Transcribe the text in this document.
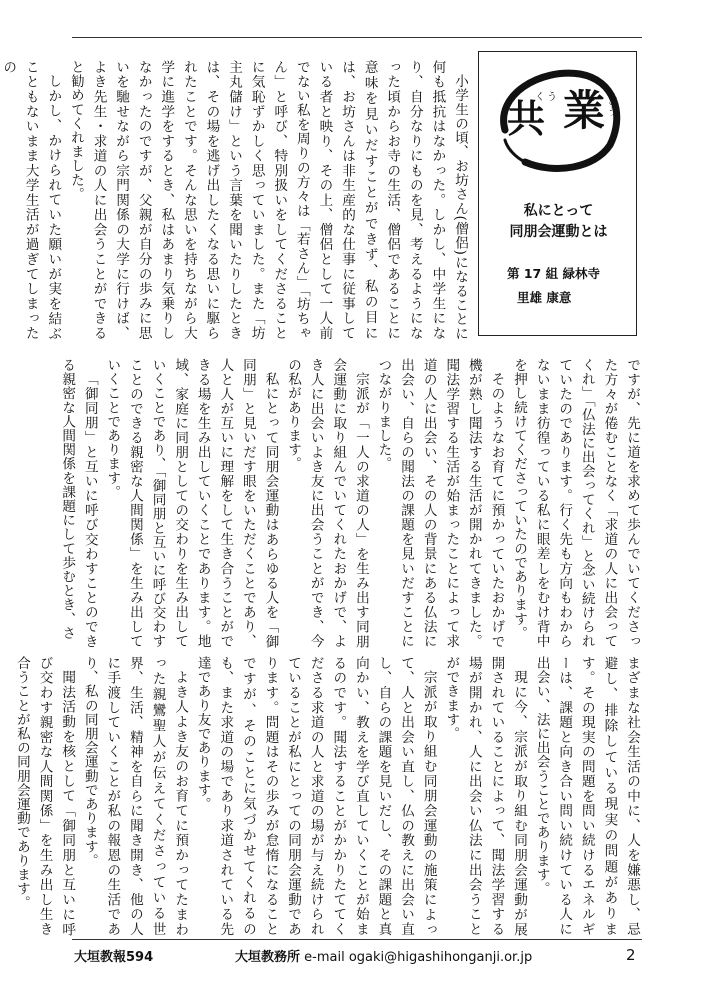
共
くう 業 ごう
私にとって
同朋会運動とは
第 17 組 緑林寺
里雄 康意

小学生の頃、お坊さん(僧侶)になることに何も抵抗はなかった。しかし、中学生になり、自分なりにものを見、考えるようになった頃からお寺の生活、僧侶であることに意味を見いだすことができず、私の目には、お坊さんは非生産的な仕事に従事している者と映り、その上、僧侶として一人前でない私を周りの方々は「若さん」「坊ちゃん」と呼び、特別扱いをしてくださることに気恥ずかしく思っていました。また「坊主丸儲け」という言葉を聞いたりしたときは、その場を逃げ出したくなる思いに駆られたことです。そんな思いを持ちながら大学に進学をするとき、私はあまり気乗りしなかったのですが、父親が自分の歩みに思いを馳せながら宗門関係の大学に行けば、よき先生・求道の人に出会うことができると勧めてくれました。

しかし、かけられていた願いが実を結ぶこともないまま大学生活が過ぎてしまったの

ですが、先に道を求めて歩んでいてくださった方々が倦むことなく「求道の人に出会ってくれ」「仏法に出会ってくれ」と念い続けられていたのであります。行く先も方向もわからないまま彷徨っている私に眼差しをむけ背中を押し続けてくださっていたのであります。

そのようなお育てに預かっていたおかげで機が熟し聞法する生活が開かれてきました。聞法学習する生活が始まったことによって求道の人に出会い、その人の背景にある仏法に出会い、自らの聞法の課題を見いだすことにつながりました。

宗派が「一人の求道の人」を生み出す同朋会運動に取り組んでいてくれたおかげで、よき人に出会いよき友に出会うことができ、今の私があります。

私にとって同朋会運動はあらゆる人を「御同朋」と見いだす眼をいただくことであり、人と人が互いに理解をして生き合うことができる場を生み出していくことであります。地域、家庭に同朋としての交わりを生み出していくことであり、「御同朋と互いに呼び交わすことのできる親密な人間関係」を生み出していくことであります。

「御同朋」と互いに呼び交わすことのできる親密な人間関係を課題にして歩むとき、さ

まざまな社会生活の中に、人を嫌悪し、忌避し、排除している現実の問題があります。その現実の問題を問い続けるエネルギーは、課題と向き合い問い続けている人に出会い、法に出会うことであります。

現に今、宗派が取り組む同朋会運動が展開されていることによって、聞法学習する場が開かれ、人に出会い仏法に出会うことができます。

宗派が取り組む同朋会運動の施策によって、人と出会い直し、仏の教えに出会い直し、自らの課題を見いだし、その課題と真向かい、教えを学び直していくことが始まるのです。聞法することがかかりたててくださる求道の人と求道の場が与え続けられていることが私にとっての同朋会運動であります。問題はその歩みが怠惰になることですが、そのことに気づかせてくれるのも、また求道の場であり求道されている先達であり友であります。

よき人よき友のお育てに預かってたまわった親鸞聖人が伝えてくださっている世界、生活、精神を自らに聞き開き、他の人に手渡していくことが私の報恩の生活であり、私の同朋会運動であります。

聞法活動を核として「御同朋と互いに呼び交わす親密な人間関係」を生み出し生き合うことが私の同朋会運動であります。

大垣教報594	大垣教務所 e-mail ogaki@higashihonganji.or.jp	2
